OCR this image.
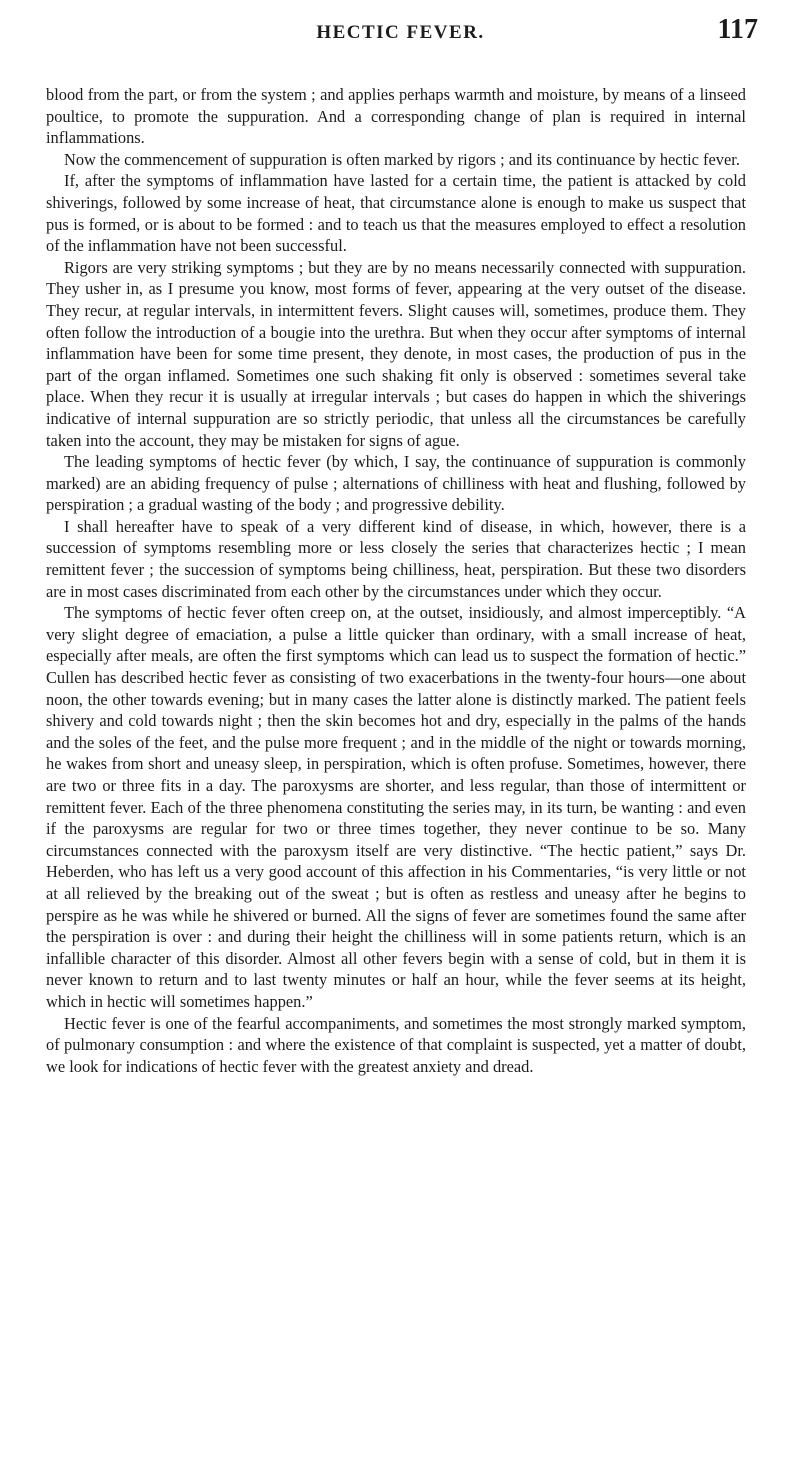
HECTIC FEVER.	117

blood from the part, or from the system ; and applies perhaps warmth and moisture, by means of a linseed poultice, to promote the suppuration. And a corresponding change of plan is required in internal inflammations.

Now the commencement of suppuration is often marked by rigors ; and its continuance by hectic fever.

If, after the symptoms of inflammation have lasted for a certain time, the patient is attacked by cold shiverings, followed by some increase of heat, that circumstance alone is enough to make us suspect that pus is formed, or is about to be formed : and to teach us that the measures employed to effect a resolution of the inflammation have not been successful.

Rigors are very striking symptoms ; but they are by no means necessarily connected with suppuration. They usher in, as I presume you know, most forms of fever, appearing at the very outset of the disease. They recur, at regular intervals, in intermittent fevers. Slight causes will, sometimes, produce them. They often follow the introduction of a bougie into the urethra. But when they occur after symptoms of internal inflammation have been for some time present, they denote, in most cases, the production of pus in the part of the organ inflamed. Sometimes one such shaking fit only is observed : sometimes several take place. When they recur it is usually at irregular intervals ; but cases do happen in which the shiverings indicative of internal suppuration are so strictly periodic, that unless all the circumstances be carefully taken into the account, they may be mistaken for signs of ague.

The leading symptoms of hectic fever (by which, I say, the continuance of suppuration is commonly marked) are an abiding frequency of pulse ; alternations of chilliness with heat and flushing, followed by perspiration ; a gradual wasting of the body ; and progressive debility.

I shall hereafter have to speak of a very different kind of disease, in which, however, there is a succession of symptoms resembling more or less closely the series that characterizes hectic ; I mean remittent fever ; the succession of symptoms being chilliness, heat, perspiration. But these two disorders are in most cases discriminated from each other by the circumstances under which they occur.

The symptoms of hectic fever often creep on, at the outset, insidiously, and almost imperceptibly. “A very slight degree of emaciation, a pulse a little quicker than ordinary, with a small increase of heat, especially after meals, are often the first symptoms which can lead us to suspect the formation of hectic.” Cullen has described hectic fever as consisting of two exacerbations in the twenty-four hours—one about noon, the other towards evening; but in many cases the latter alone is distinctly marked. The patient feels shivery and cold towards night ; then the skin becomes hot and dry, especially in the palms of the hands and the soles of the feet, and the pulse more frequent ; and in the middle of the night or towards morning, he wakes from short and uneasy sleep, in perspiration, which is often profuse. Sometimes, however, there are two or three fits in a day. The paroxysms are shorter, and less regular, than those of intermittent or remittent fever. Each of the three phenomena constituting the series may, in its turn, be wanting : and even if the paroxysms are regular for two or three times together, they never continue to be so. Many circumstances connected with the paroxysm itself are very distinctive. “The hectic patient,” says Dr. Heberden, who has left us a very good account of this affection in his Commentaries, “is very little or not at all relieved by the breaking out of the sweat ; but is often as restless and uneasy after he begins to perspire as he was while he shivered or burned. All the signs of fever are sometimes found the same after the perspiration is over : and during their height the chilliness will in some patients return, which is an infallible character of this disorder. Almost all other fevers begin with a sense of cold, but in them it is never known to return and to last twenty minutes or half an hour, while the fever seems at its height, which in hectic will sometimes happen.”

Hectic fever is one of the fearful accompaniments, and sometimes the most strongly marked symptom, of pulmonary consumption : and where the existence of that complaint is suspected, yet a matter of doubt, we look for indications of hectic fever with the greatest anxiety and dread.
